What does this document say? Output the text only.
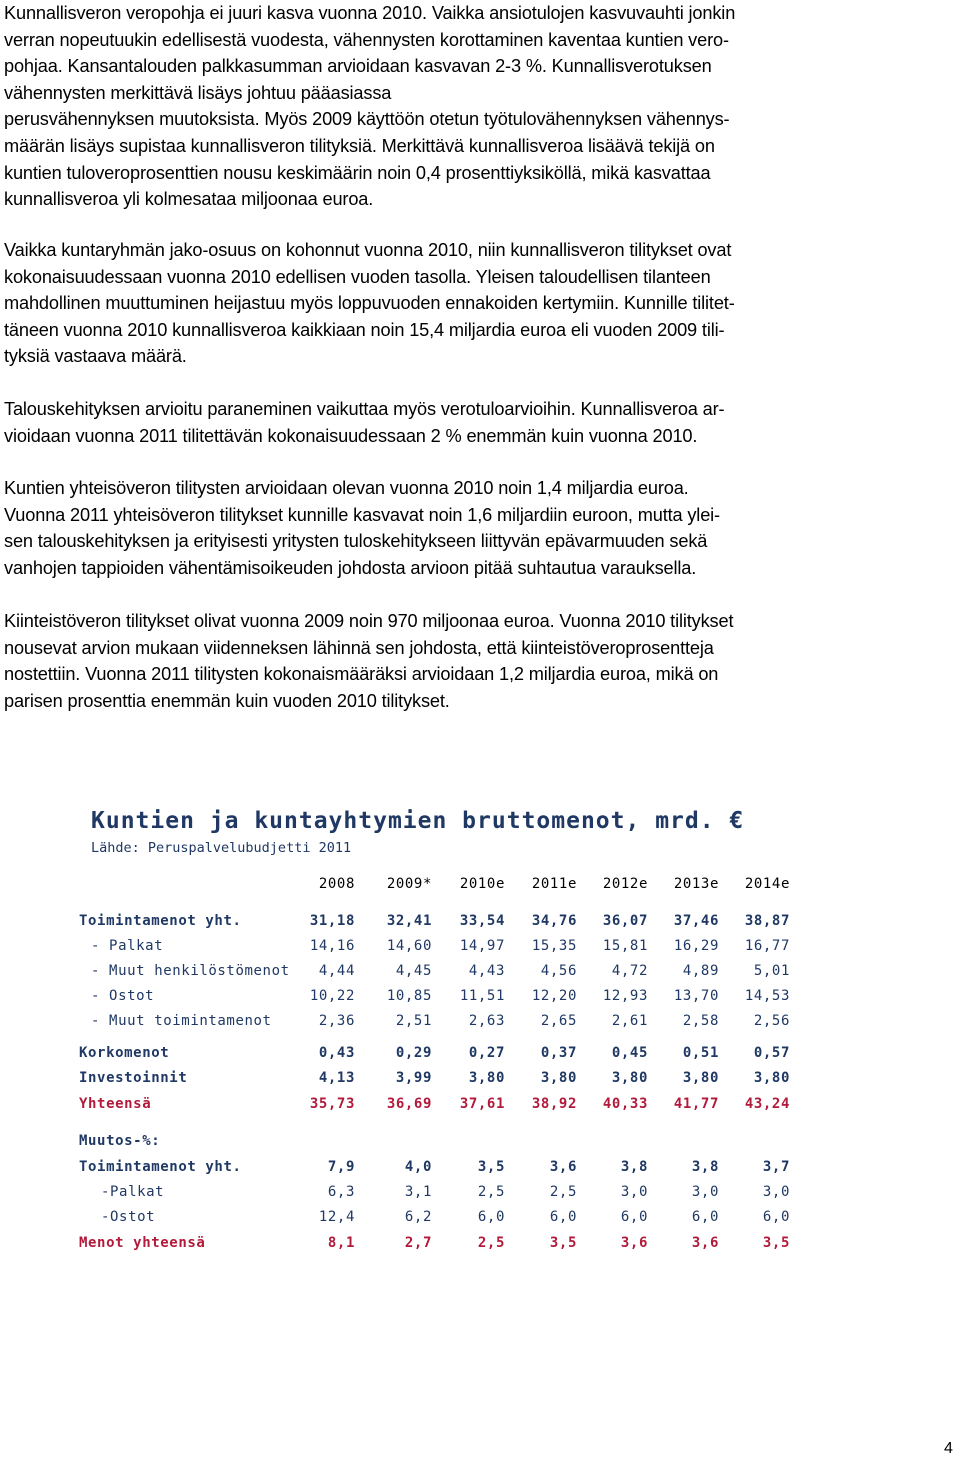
Kunnallisveron veropohja ei juuri kasva vuonna 2010. Vaikka ansiotulojen kasvuvauhti jonkin
verran nopeutuukin edellisestä vuodesta, vähennysten korottaminen kaventaa kuntien vero-
pohjaa. Kansantalouden palkkasumman arvioidaan kasvavan 2-3 %. Kunnallisverotuksen
vähennysten merkittävä lisäys johtuu pääasiassa
perusvähennyksen muutoksista. Myös 2009 käyttöön otetun työtulovähennyksen vähennys-
määrän lisäys supistaa kunnallisveron tilityksiä. Merkittävä kunnallisveroa lisäävä tekijä on
kuntien tuloveroprosenttien nousu keskimäärin noin 0,4 prosenttiyksiköllä, mikä kasvattaa
kunnallisveroa yli kolmesataa miljoonaa euroa.

Vaikka kuntaryhmän jako-osuus on kohonnut vuonna 2010, niin kunnallisveron tilitykset ovat
kokonaisuudessaan vuonna 2010 edellisen vuoden tasolla. Yleisen taloudellisen tilanteen
mahdollinen muuttuminen heijastuu myös loppuvuoden ennakoiden kertymiin. Kunnille tilitet-
täneen vuonna 2010 kunnallisveroa kaikkiaan noin 15,4 miljardia euroa eli vuoden 2009 tili-
tyksiä vastaava määrä.

Talouskehityksen arvioitu paraneminen vaikuttaa myös verotuloarvioihin. Kunnallisveroa ar-
vioidaan vuonna 2011 tilitettävän kokonaisuudessaan 2 % enemmän kuin vuonna 2010.

Kuntien yhteisöveron tilitysten arvioidaan olevan vuonna 2010 noin 1,4 miljardia euroa.
Vuonna 2011 yhteisöveron tilitykset kunnille kasvavat noin 1,6 miljardiin euroon, mutta ylei-
sen talouskehityksen ja erityisesti yritysten tuloskehitykseen liittyvän epävarmuuden sekä
vanhojen tappioiden vähentämisoikeuden johdosta arvioon pitää suhtautua varauksella.

Kiinteistöveron tilitykset olivat vuonna 2009 noin 970 miljoonaa euroa. Vuonna 2010 tilitykset
nousevat arvion mukaan viidenneksen lähinnä sen johdosta, että kiinteistöveroprosenttеja
nostettiin. Vuonna 2011 tilitysten kokonaismääräksi arvioidaan 1,2 miljardia euroa, mikä on
parisen prosenttia enemmän kuin vuoden 2010 tilitykset.

Kuntien ja kuntayhtymien bruttomenot, mrd. €
Lähde: Peruspalvelubudjetti 2011
2008	2009*	2010e	2011e	2012e	2013e	2014e
Toimintamenot yht.	31,18	32,41	33,54	34,76	36,07	37,46	38,87
- Palkat	14,16	14,60	14,97	15,35	15,81	16,29	16,77
- Muut henkilöstömenot	4,44	4,45	4,43	4,56	4,72	4,89	5,01
- Ostot	10,22	10,85	11,51	12,20	12,93	13,70	14,53
- Muut toimintamenot	2,36	2,51	2,63	2,65	2,61	2,58	2,56
Korkomenot	0,43	0,29	0,27	0,37	0,45	0,51	0,57
Investoinnit	4,13	3,99	3,80	3,80	3,80	3,80	3,80
Yhteensä	35,73	36,69	37,61	38,92	40,33	41,77	43,24
Muutos-%:
Toimintamenot yht.	7,9	4,0	3,5	3,6	3,8	3,8	3,7
-Palkat	6,3	3,1	2,5	2,5	3,0	3,0	3,0
-Ostot	12,4	6,2	6,0	6,0	6,0	6,0	6,0
Menot yhteensä	8,1	2,7	2,5	3,5	3,6	3,6	3,5
4
